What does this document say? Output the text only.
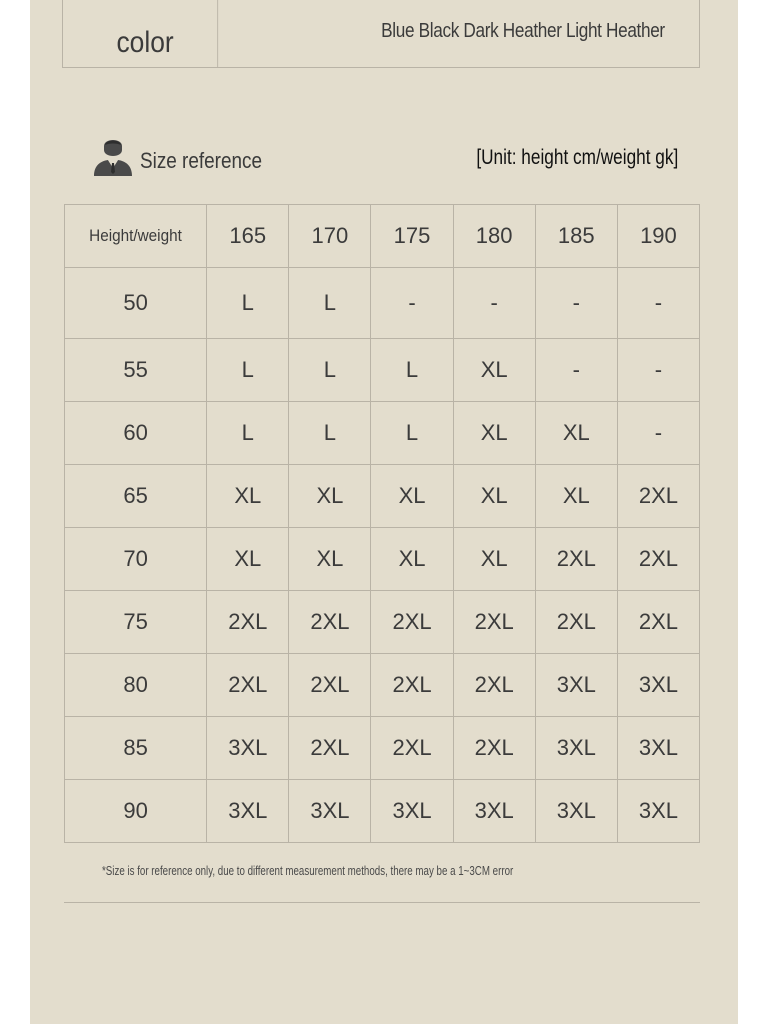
color	Blue Black Dark Heather Light Heather
Size reference	[Unit: height cm/weight gk]
Height/weight	165	170	175	180	185	190
50	L	L	-	-	-	-
55	L	L	L	XL	-	-
60	L	L	L	XL	XL	-
65	XL	XL	XL	XL	XL	2XL
70	XL	XL	XL	XL	2XL	2XL
75	2XL	2XL	2XL	2XL	2XL	2XL
80	2XL	2XL	2XL	2XL	3XL	3XL
85	3XL	2XL	2XL	2XL	3XL	3XL
90	3XL	3XL	3XL	3XL	3XL	3XL
*Size is for reference only, due to different measurement methods, there may be a 1~3CM error
